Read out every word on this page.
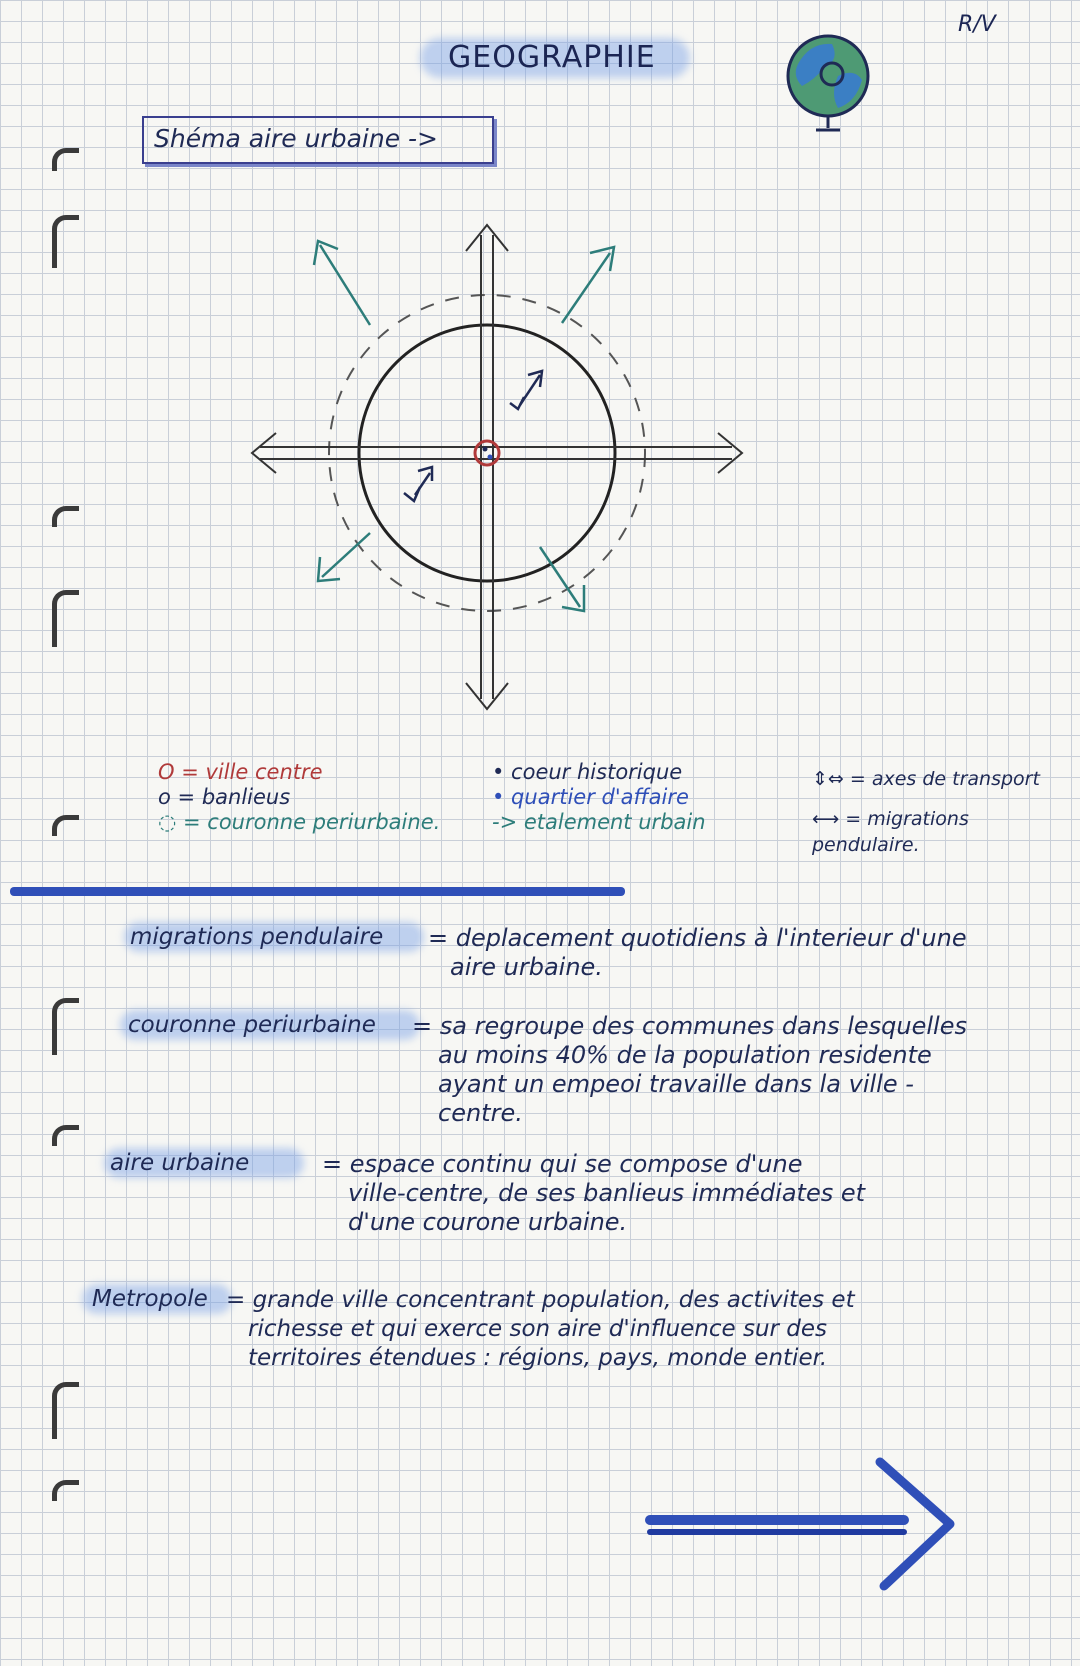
GEOGRAPHIE
R/V
Shéma aire urbaine ->
O = ville centre
o = banlieus
◌ = couronne periurbaine.
• coeur historique
• quartier d'affaire
-> etalement urbain
⇕⇔ = axes de transport
⟷ = migrations pendulaire.
migrations pendulaire = deplacement quotidiens à l'interieur d'une
aire urbaine.
couronne periurbaine = sa regroupe des communes dans lesquelles
au moins 40% de la population residente
ayant un empeoi travaille dans la ville -
centre.
aire urbaine	= espace continu qui se compose d'une
ville-centre, de ses banlieus immédiates et
d'une courone urbaine.
Metropole = grande ville concentrant population, des activites et
richesse et qui exerce son aire d'influence sur des
territoires étendues : régions, pays, monde entier.
